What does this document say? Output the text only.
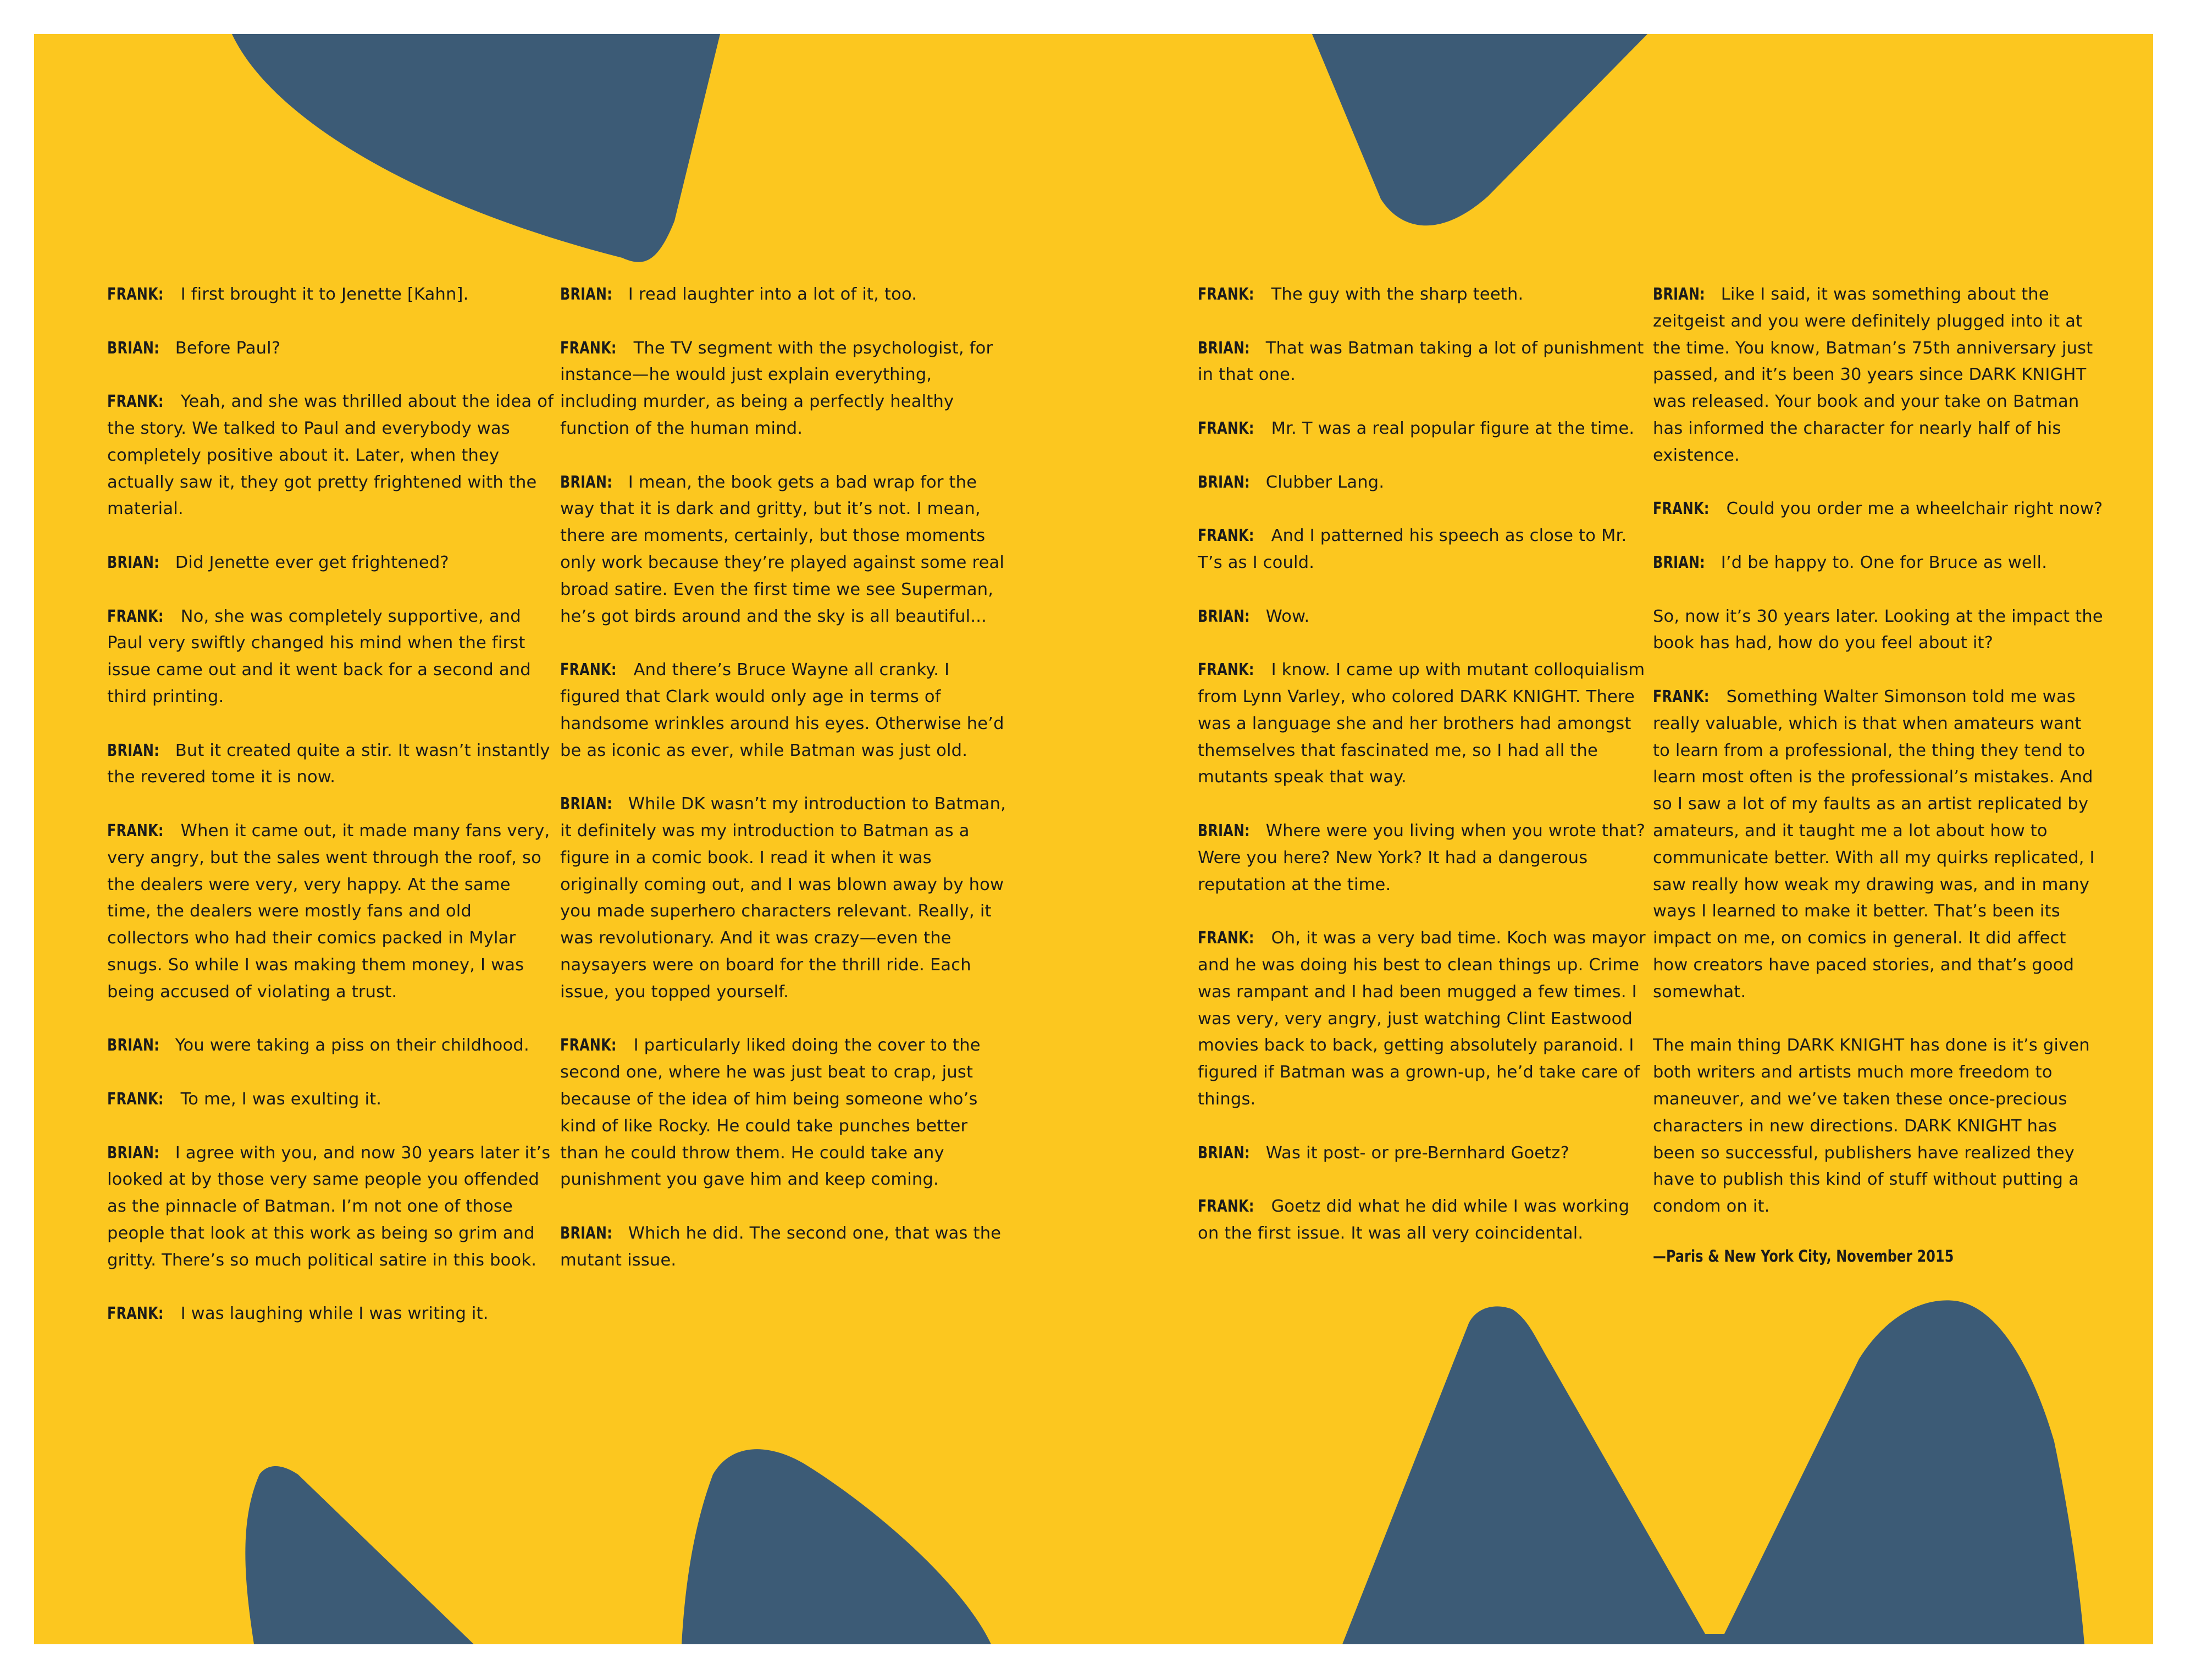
FRANK: I first brought it to Jenette [Kahn].

BRIAN: Before Paul?

FRANK: Yeah, and she was thrilled about the idea of the story. We talked to Paul and everybody was completely positive about it. Later, when they actually saw it, they got pretty frightened with the material.

BRIAN: Did Jenette ever get frightened?

FRANK: No, she was completely supportive, and Paul very swiftly changed his mind when the first issue came out and it went back for a second and third printing.

BRIAN: But it created quite a stir. It wasn’t instantly the revered tome it is now.

FRANK: When it came out, it made many fans very, very angry, but the sales went through the roof, so the dealers were very, very happy. At the same time, the dealers were mostly fans and old collectors who had their comics packed in Mylar snugs. So while I was making them money, I was being accused of violating a trust.

BRIAN: You were taking a piss on their childhood.

FRANK: To me, I was exulting it.

BRIAN: I agree with you, and now 30 years later it’s looked at by those very same people you offended as the pinnacle of Batman. I’m not one of those people that look at this work as being so grim and gritty. There’s so much political satire in this book.

FRANK: I was laughing while I was writing it.

BRIAN: I read laughter into a lot of it, too.

FRANK: The TV segment with the psychologist, for instance—he would just explain everything, including murder, as being a perfectly healthy function of the human mind.

BRIAN: I mean, the book gets a bad wrap for the way that it is dark and gritty, but it’s not. I mean, there are moments, certainly, but those moments only work because they’re played against some real broad satire. Even the first time we see Superman, he’s got birds around and the sky is all beautiful...

FRANK: And there’s Bruce Wayne all cranky. I figured that Clark would only age in terms of handsome wrinkles around his eyes. Otherwise he’d be as iconic as ever, while Batman was just old.

BRIAN: While DK wasn’t my introduction to Batman, it definitely was my introduction to Batman as a figure in a comic book. I read it when it was originally coming out, and I was blown away by how you made superhero characters relevant. Really, it was revolutionary. And it was crazy—even the naysayers were on board for the thrill ride. Each issue, you topped yourself.

FRANK: I particularly liked doing the cover to the second one, where he was just beat to crap, just because of the idea of him being someone who’s kind of like Rocky. He could take punches better than he could throw them. He could take any punishment you gave him and keep coming.

BRIAN: Which he did. The second one, that was the mutant issue.

FRANK: The guy with the sharp teeth.

BRIAN: That was Batman taking a lot of punishment in that one.

FRANK: Mr. T was a real popular figure at the time.

BRIAN: Clubber Lang.

FRANK: And I patterned his speech as close to Mr. T’s as I could.

BRIAN: Wow.

FRANK: I know. I came up with mutant colloquialism from Lynn Varley, who colored DARK KNIGHT. There was a language she and her brothers had amongst themselves that fascinated me, so I had all the mutants speak that way.

BRIAN: Where were you living when you wrote that? Were you here? New York? It had a dangerous reputation at the time.

FRANK: Oh, it was a very bad time. Koch was mayor and he was doing his best to clean things up. Crime was rampant and I had been mugged a few times. I was very, very angry, just watching Clint Eastwood movies back to back, getting absolutely paranoid. I figured if Batman was a grown-up, he’d take care of things.

BRIAN: Was it post- or pre-Bernhard Goetz?

FRANK: Goetz did what he did while I was working on the first issue. It was all very coincidental.

BRIAN: Like I said, it was something about the zeitgeist and you were definitely plugged into it at the time. You know, Batman’s 75th anniversary just passed, and it’s been 30 years since DARK KNIGHT was released. Your book and your take on Batman has informed the character for nearly half of his existence.

FRANK: Could you order me a wheelchair right now?

BRIAN: I’d be happy to. One for Bruce as well.

So, now it’s 30 years later. Looking at the impact the book has had, how do you feel about it?

FRANK: Something Walter Simonson told me was really valuable, which is that when amateurs want to learn from a professional, the thing they tend to learn most often is the professional’s mistakes. And so I saw a lot of my faults as an artist replicated by amateurs, and it taught me a lot about how to communicate better. With all my quirks replicated, I saw really how weak my drawing was, and in many ways I learned to make it better. That’s been its impact on me, on comics in general. It did affect how creators have paced stories, and that’s good somewhat.

The main thing DARK KNIGHT has done is it’s given both writers and artists much more freedom to maneuver, and we’ve taken these once-precious characters in new directions. DARK KNIGHT has been so successful, publishers have realized they have to publish this kind of stuff without putting a condom on it.

—Paris & New York City, November 2015
